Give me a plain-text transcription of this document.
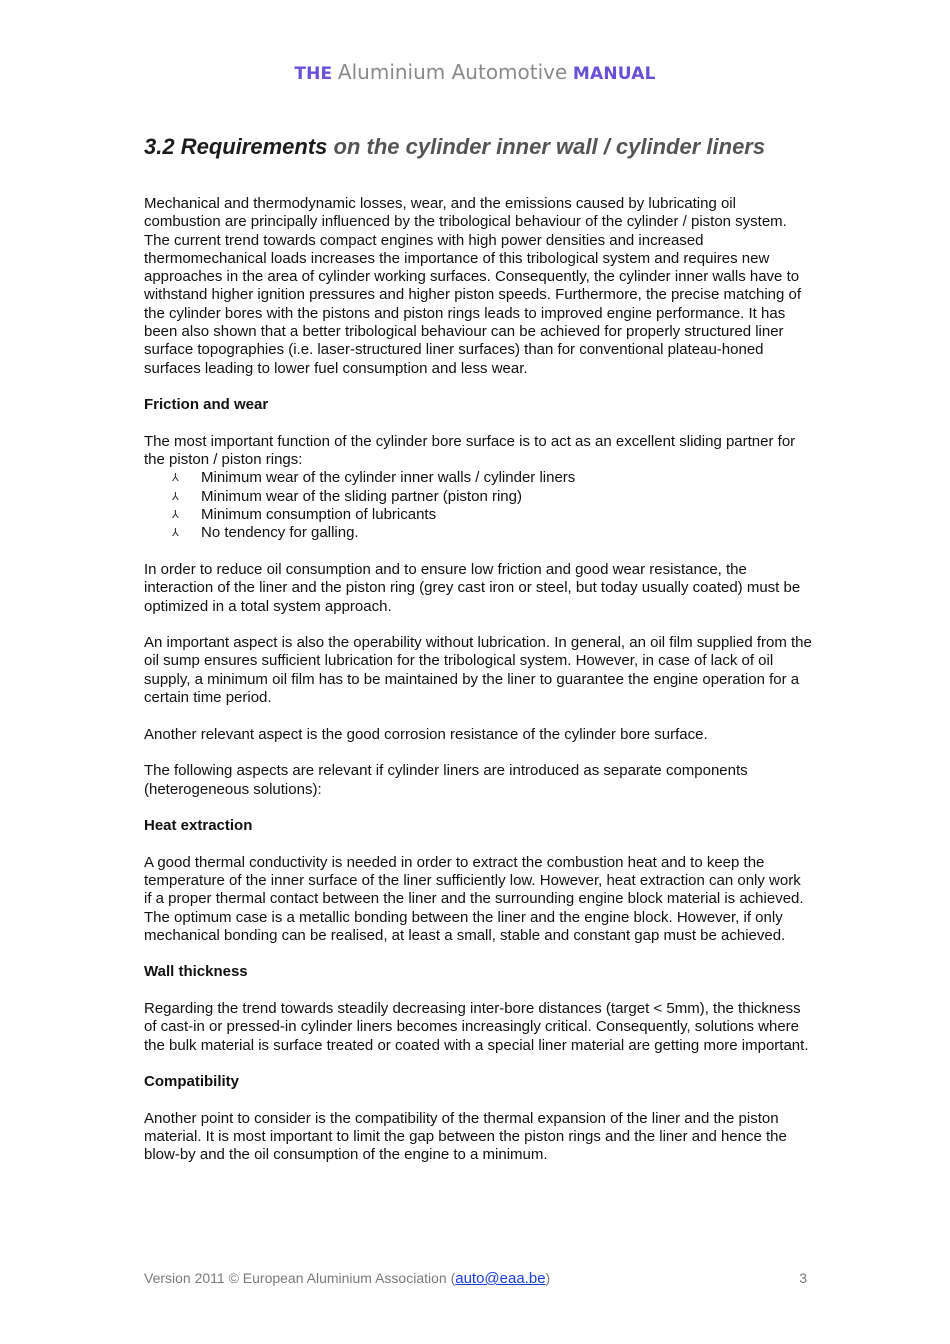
THE Aluminium Automotive MANUAL
3.2 Requirements on the cylinder inner wall / cylinder liners

Mechanical and thermodynamic losses, wear, and the emissions caused by lubricating oil combustion are principally influenced by the tribological behaviour of the cylinder / piston system. The current trend towards compact engines with high power densities and increased thermomechanical loads increases the importance of this tribological system and requires new approaches in the area of cylinder working surfaces. Consequently, the cylinder inner walls have to withstand higher ignition pressures and higher piston speeds. Furthermore, the precise matching of the cylinder bores with the pistons and piston rings leads to improved engine performance. It has been also shown that a better tribological behaviour can be achieved for properly structured liner surface topographies (i.e. laser-structured liner surfaces) than for conventional plateau-honed surfaces leading to lower fuel consumption and less wear.

Friction and wear

The most important function of the cylinder bore surface is to act as an excellent sliding partner for the piston / piston rings:

⅄ Minimum wear of the cylinder inner walls / cylinder liners
⅄ Minimum wear of the sliding partner (piston ring)
⅄ Minimum consumption of lubricants
⅄ No tendency for galling.

In order to reduce oil consumption and to ensure low friction and good wear resistance, the interaction of the liner and the piston ring (grey cast iron or steel, but today usually coated) must be optimized in a total system approach.

An important aspect is also the operability without lubrication. In general, an oil film supplied from the oil sump ensures sufficient lubrication for the tribological system. However, in case of lack of oil supply, a minimum oil film has to be maintained by the liner to guarantee the engine operation for a certain time period.

Another relevant aspect is the good corrosion resistance of the cylinder bore surface.

The following aspects are relevant if cylinder liners are introduced as separate components (heterogeneous solutions):

Heat extraction

A good thermal conductivity is needed in order to extract the combustion heat and to keep the temperature of the inner surface of the liner sufficiently low. However, heat extraction can only work if a proper thermal contact between the liner and the surrounding engine block material is achieved. The optimum case is a metallic bonding between the liner and the engine block. However, if only mechanical bonding can be realised, at least a small, stable and constant gap must be achieved.

Wall thickness

Regarding the trend towards steadily decreasing inter-bore distances (target < 5mm), the thickness of cast-in or pressed-in cylinder liners becomes increasingly critical. Consequently, solutions where the bulk material is surface treated or coated with a special liner material are getting more important.

Compatibility

Another point to consider is the compatibility of the thermal expansion of the liner and the piston material. It is most important to limit the gap between the piston rings and the liner and hence the blow-by and the oil consumption of the engine to a minimum.

Version 2011 © European Aluminium Association (auto@eaa.be)	3
